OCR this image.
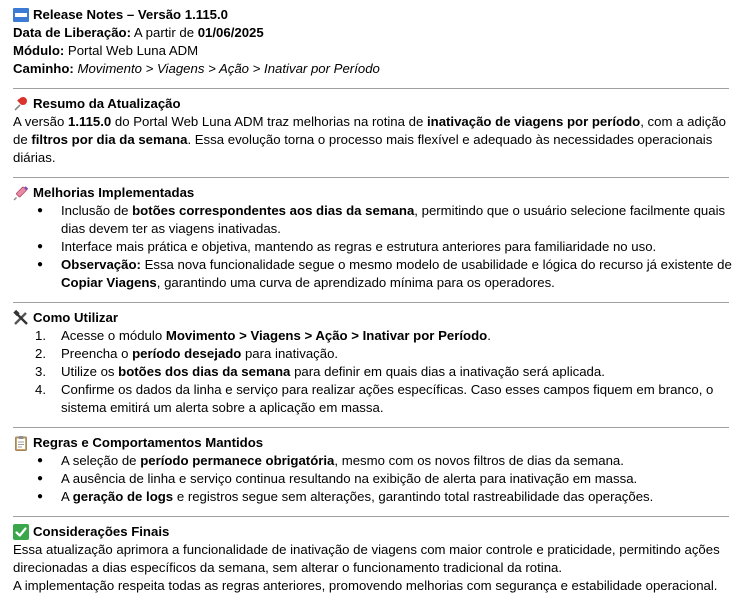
Release Notes – Versão 1.115.0
Data de Liberação: A partir de 01/06/2025
Módulo: Portal Web Luna ADM
Caminho: Movimento > Viagens > Ação > Inativar por Período
Resumo da Atualização
A versão 1.115.0 do Portal Web Luna ADM traz melhorias na rotina de inativação de viagens por período, com a adição
de filtros por dia da semana. Essa evolução torna o processo mais flexível e adequado às necessidades operacionais
diárias.
Melhorias Implementadas
●	Inclusão de botões correspondentes aos dias da semana, permitindo que o usuário selecione facilmente quais
dias devem ter as viagens inativadas.
●	Interface mais prática e objetiva, mantendo as regras e estrutura anteriores para familiaridade no uso.
●	Observação: Essa nova funcionalidade segue o mesmo modelo de usabilidade e lógica do recurso já existente de
Copiar Viagens, garantindo uma curva de aprendizado mínima para os operadores.
Como Utilizar
1.	Acesse o módulo Movimento > Viagens > Ação > Inativar por Período.
2.	Preencha o período desejado para inativação.
3.	Utilize os botões dos dias da semana para definir em quais dias a inativação será aplicada.
4.	Confirme os dados da linha e serviço para realizar ações específicas. Caso esses campos fiquem em branco, o
sistema emitirá um alerta sobre a aplicação em massa.
Regras e Comportamentos Mantidos
●	A seleção de período permanece obrigatória, mesmo com os novos filtros de dias da semana.
●	A ausência de linha e serviço continua resultando na exibição de alerta para inativação em massa.
●	A geração de logs e registros segue sem alterações, garantindo total rastreabilidade das operações.
Considerações Finais
Essa atualização aprimora a funcionalidade de inativação de viagens com maior controle e praticidade, permitindo ações
direcionadas a dias específicos da semana, sem alterar o funcionamento tradicional da rotina.
A implementação respeita todas as regras anteriores, promovendo melhorias com segurança e estabilidade operacional.
